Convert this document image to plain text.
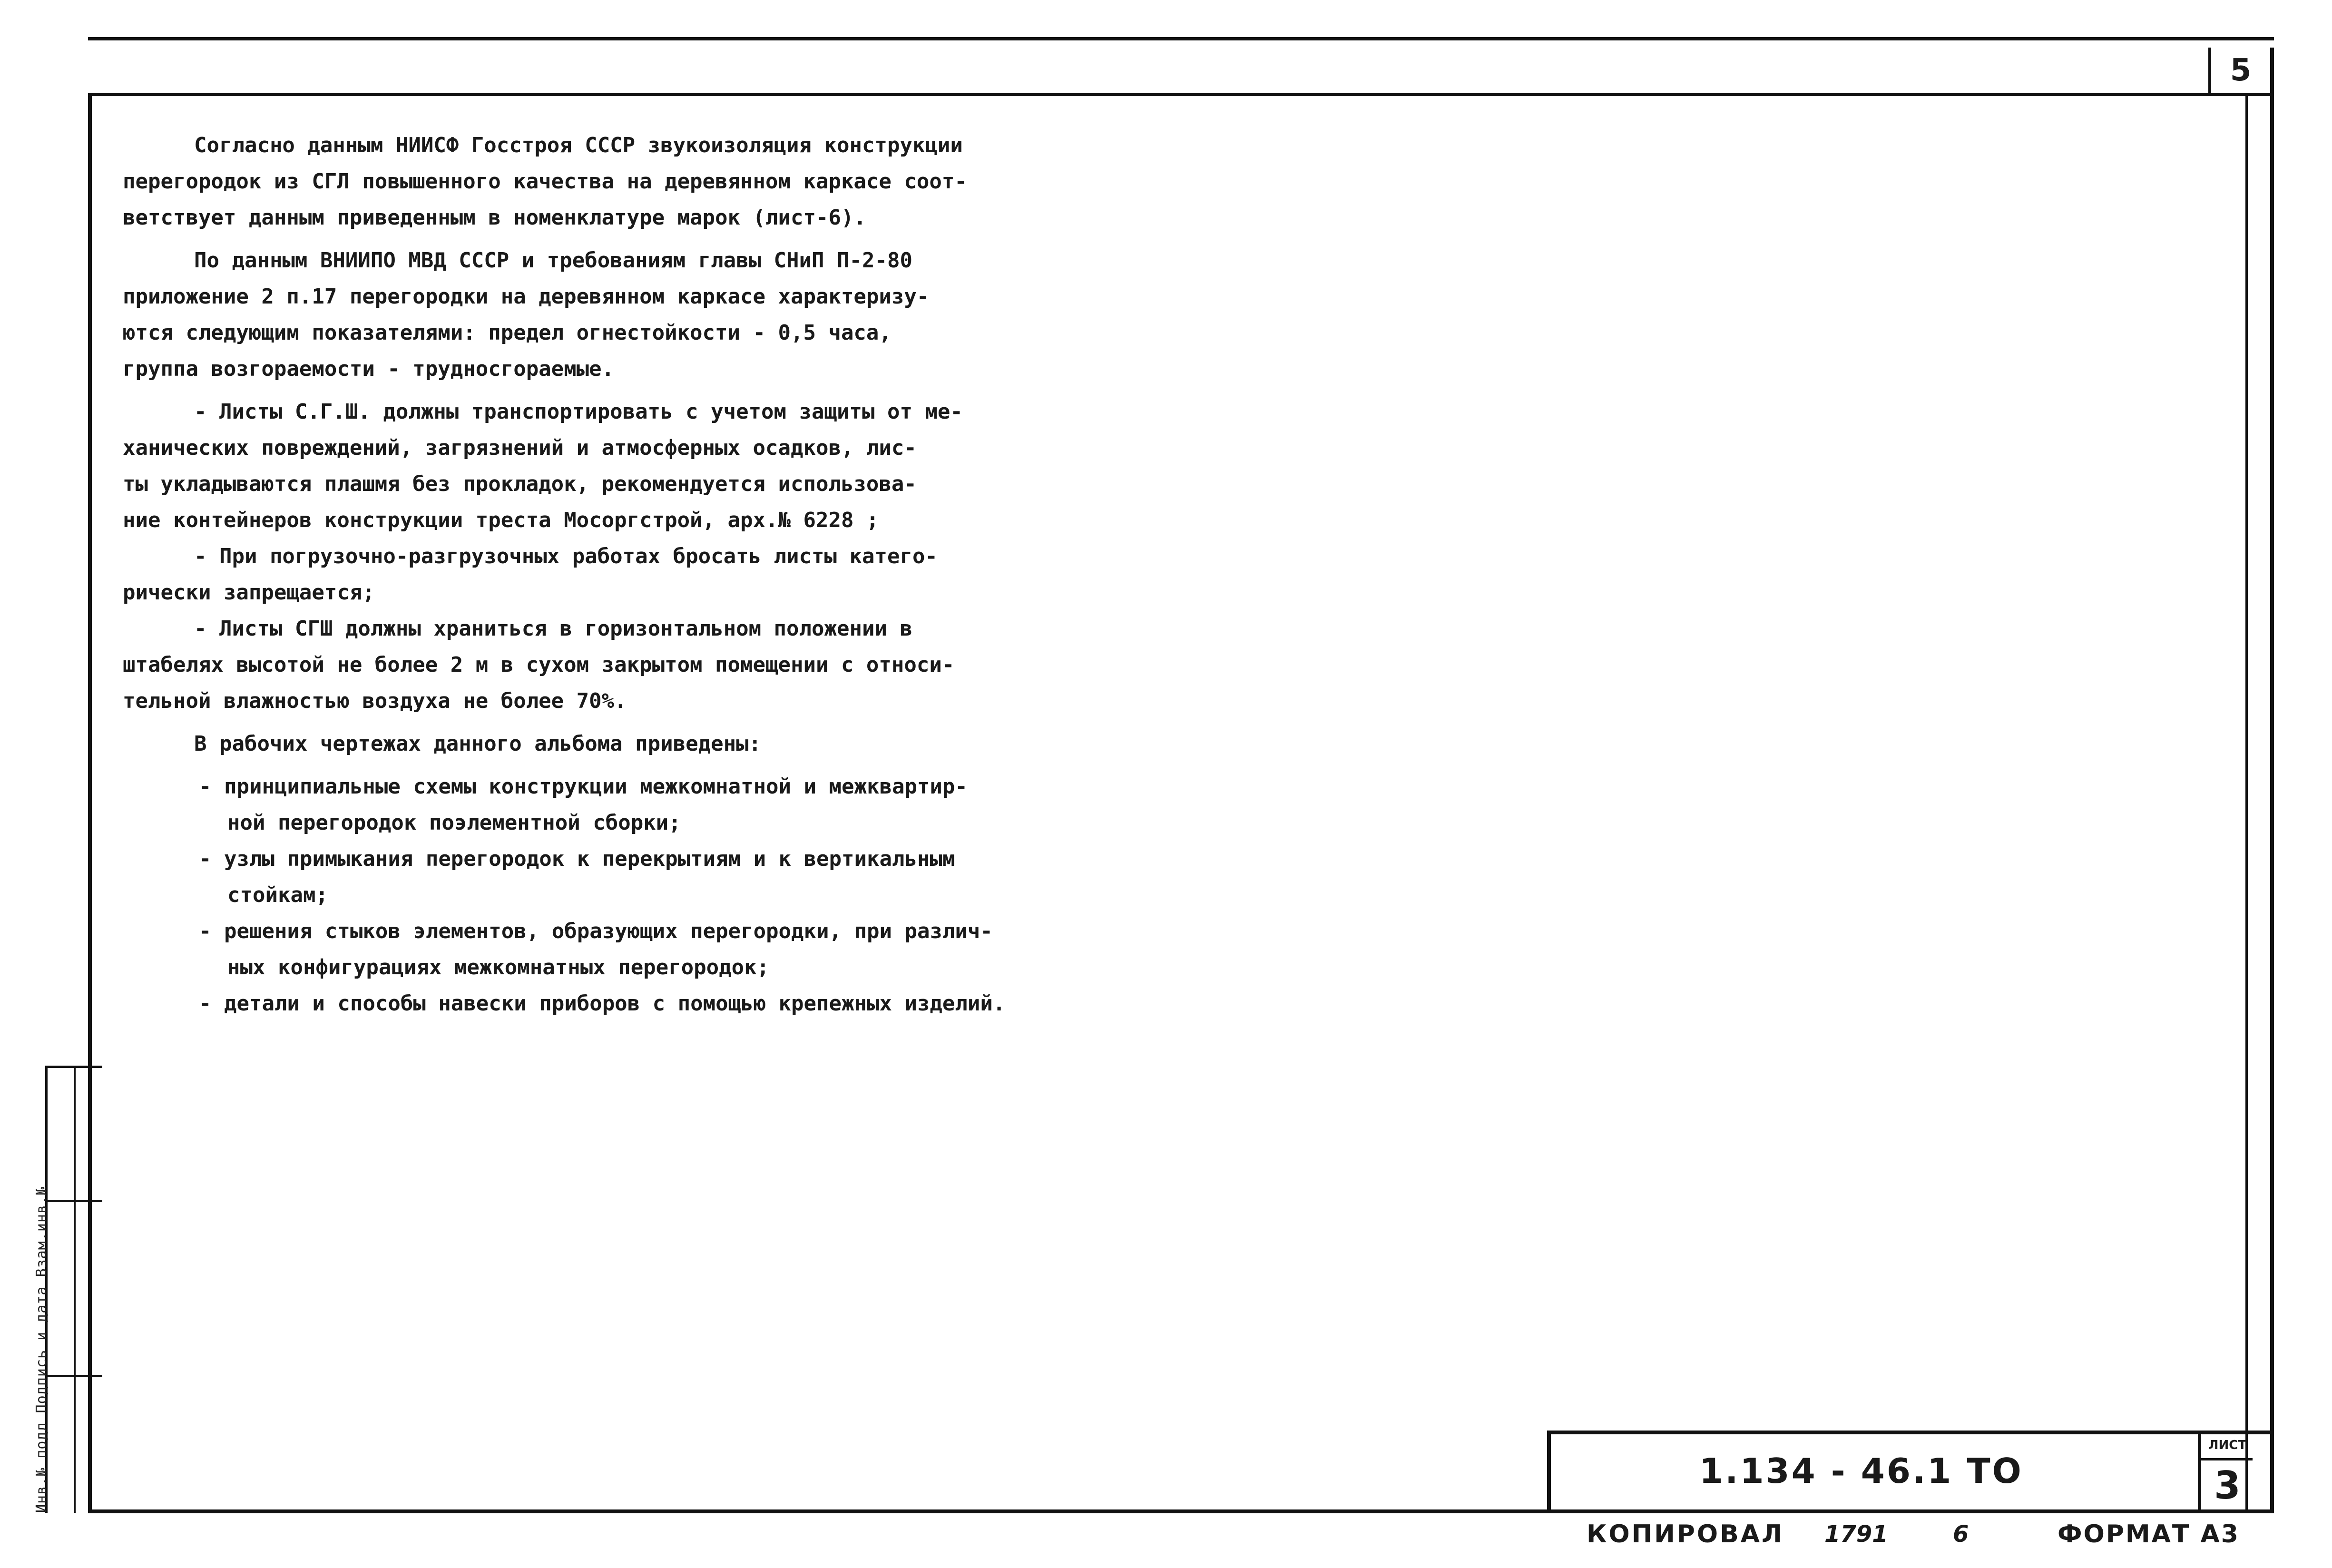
5
Инв.№ подл Подпись и дата Взам.инв.№
Согласно данным НИИСФ Госстроя СССР звукоизоляция конструкции
перегородок из СГЛ повышенного качества на деревянном каркасе соот-
ветствует данным приведенным в номенклатуре марок (лист-6).
По данным ВНИИПО МВД СССР и требованиям главы СНиП П-2-80
приложение 2 п.17 перегородки на деревянном каркасе характеризу-
ются следующим показателями: предел огнестойкости - 0,5 часа,
группа возгораемости - трудносгораемые.
- Листы С.Г.Ш. должны транспортировать с учетом защиты от ме-
ханических повреждений, загрязнений и атмосферных осадков, лис-
ты укладываются плашмя без прокладок, рекомендуется использова-
ние контейнеров конструкции треста Мосоргстрой, арх.№ 6228 ;
- При погрузочно-разгрузочных работах бросать листы катего-
рически запрещается;
- Листы СГШ должны храниться в горизонтальном положении в
штабелях высотой не более 2 м в сухом закрытом помещении с относи-
тельной влажностью воздуха не более 70%.
В рабочих чертежах данного альбома приведены:
- принципиальные схемы конструкции межкомнатной и межквартир-
ной перегородок поэлементной сборки;
- узлы примыкания перегородок к перекрытиям и к вертикальным
стойкам;
- решения стыков элементов, образующих перегородки, при различ-
ных конфигурациях межкомнатных перегородок;
- детали и способы навески приборов с помощью крепежных изделий.
1.134 - 46.1 ТО
ЛИСТ
3
КОПИРОВАЛ 1791	6	ФОРМАТ А3
